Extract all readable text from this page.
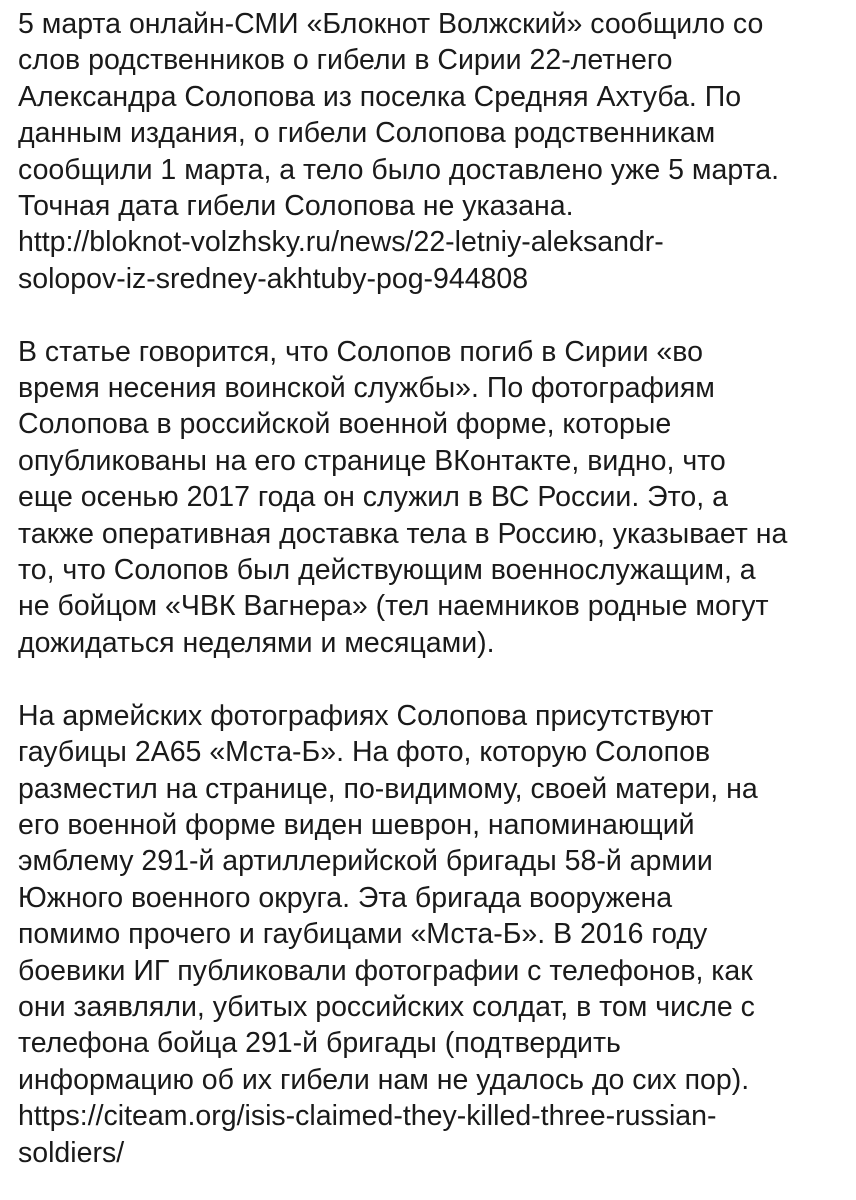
5 марта онлайн-СМИ «Блокнот Волжский» сообщило со
слов родственников о гибели в Сирии 22-летнего
Александра Солопова из поселка Средняя Ахтуба. По
данным издания, о гибели Солопова родственникам
сообщили 1 марта, а тело было доставлено уже 5 марта.
Точная дата гибели Солопова не указана.
http://bloknot-volzhsky.ru/news/22-letniy-aleksandr-
solopov-iz-sredney-akhtuby-pog-944808

В статье говорится, что Солопов погиб в Сирии «во
время несения воинской службы». По фотографиям
Солопова в российской военной форме, которые
опубликованы на его странице ВКонтакте, видно, что
еще осенью 2017 года он служил в ВС России. Это, а
также оперативная доставка тела в Россию, указывает на
то, что Солопов был действующим военнослужащим, а
не бойцом «ЧВК Вагнера» (тел наемников родные могут
дожидаться неделями и месяцами).

На армейских фотографиях Солопова присутствуют
гаубицы 2А65 «Мста-Б». На фото, которую Солопов
разместил на странице, по-видимому, своей матери, на
его военной форме виден шеврон, напоминающий
эмблему 291-й артиллерийской бригады 58-й армии
Южного военного округа. Эта бригада вооружена
помимо прочего и гаубицами «Мста-Б». В 2016 году
боевики ИГ публиковали фотографии с телефонов, как
они заявляли, убитых российских солдат, в том числе с
телефона бойца 291-й бригады (подтвердить
информацию об их гибели нам не удалось до сих пор).
https://citeam.org/isis-claimed-they-killed-three-russian-
soldiers/
